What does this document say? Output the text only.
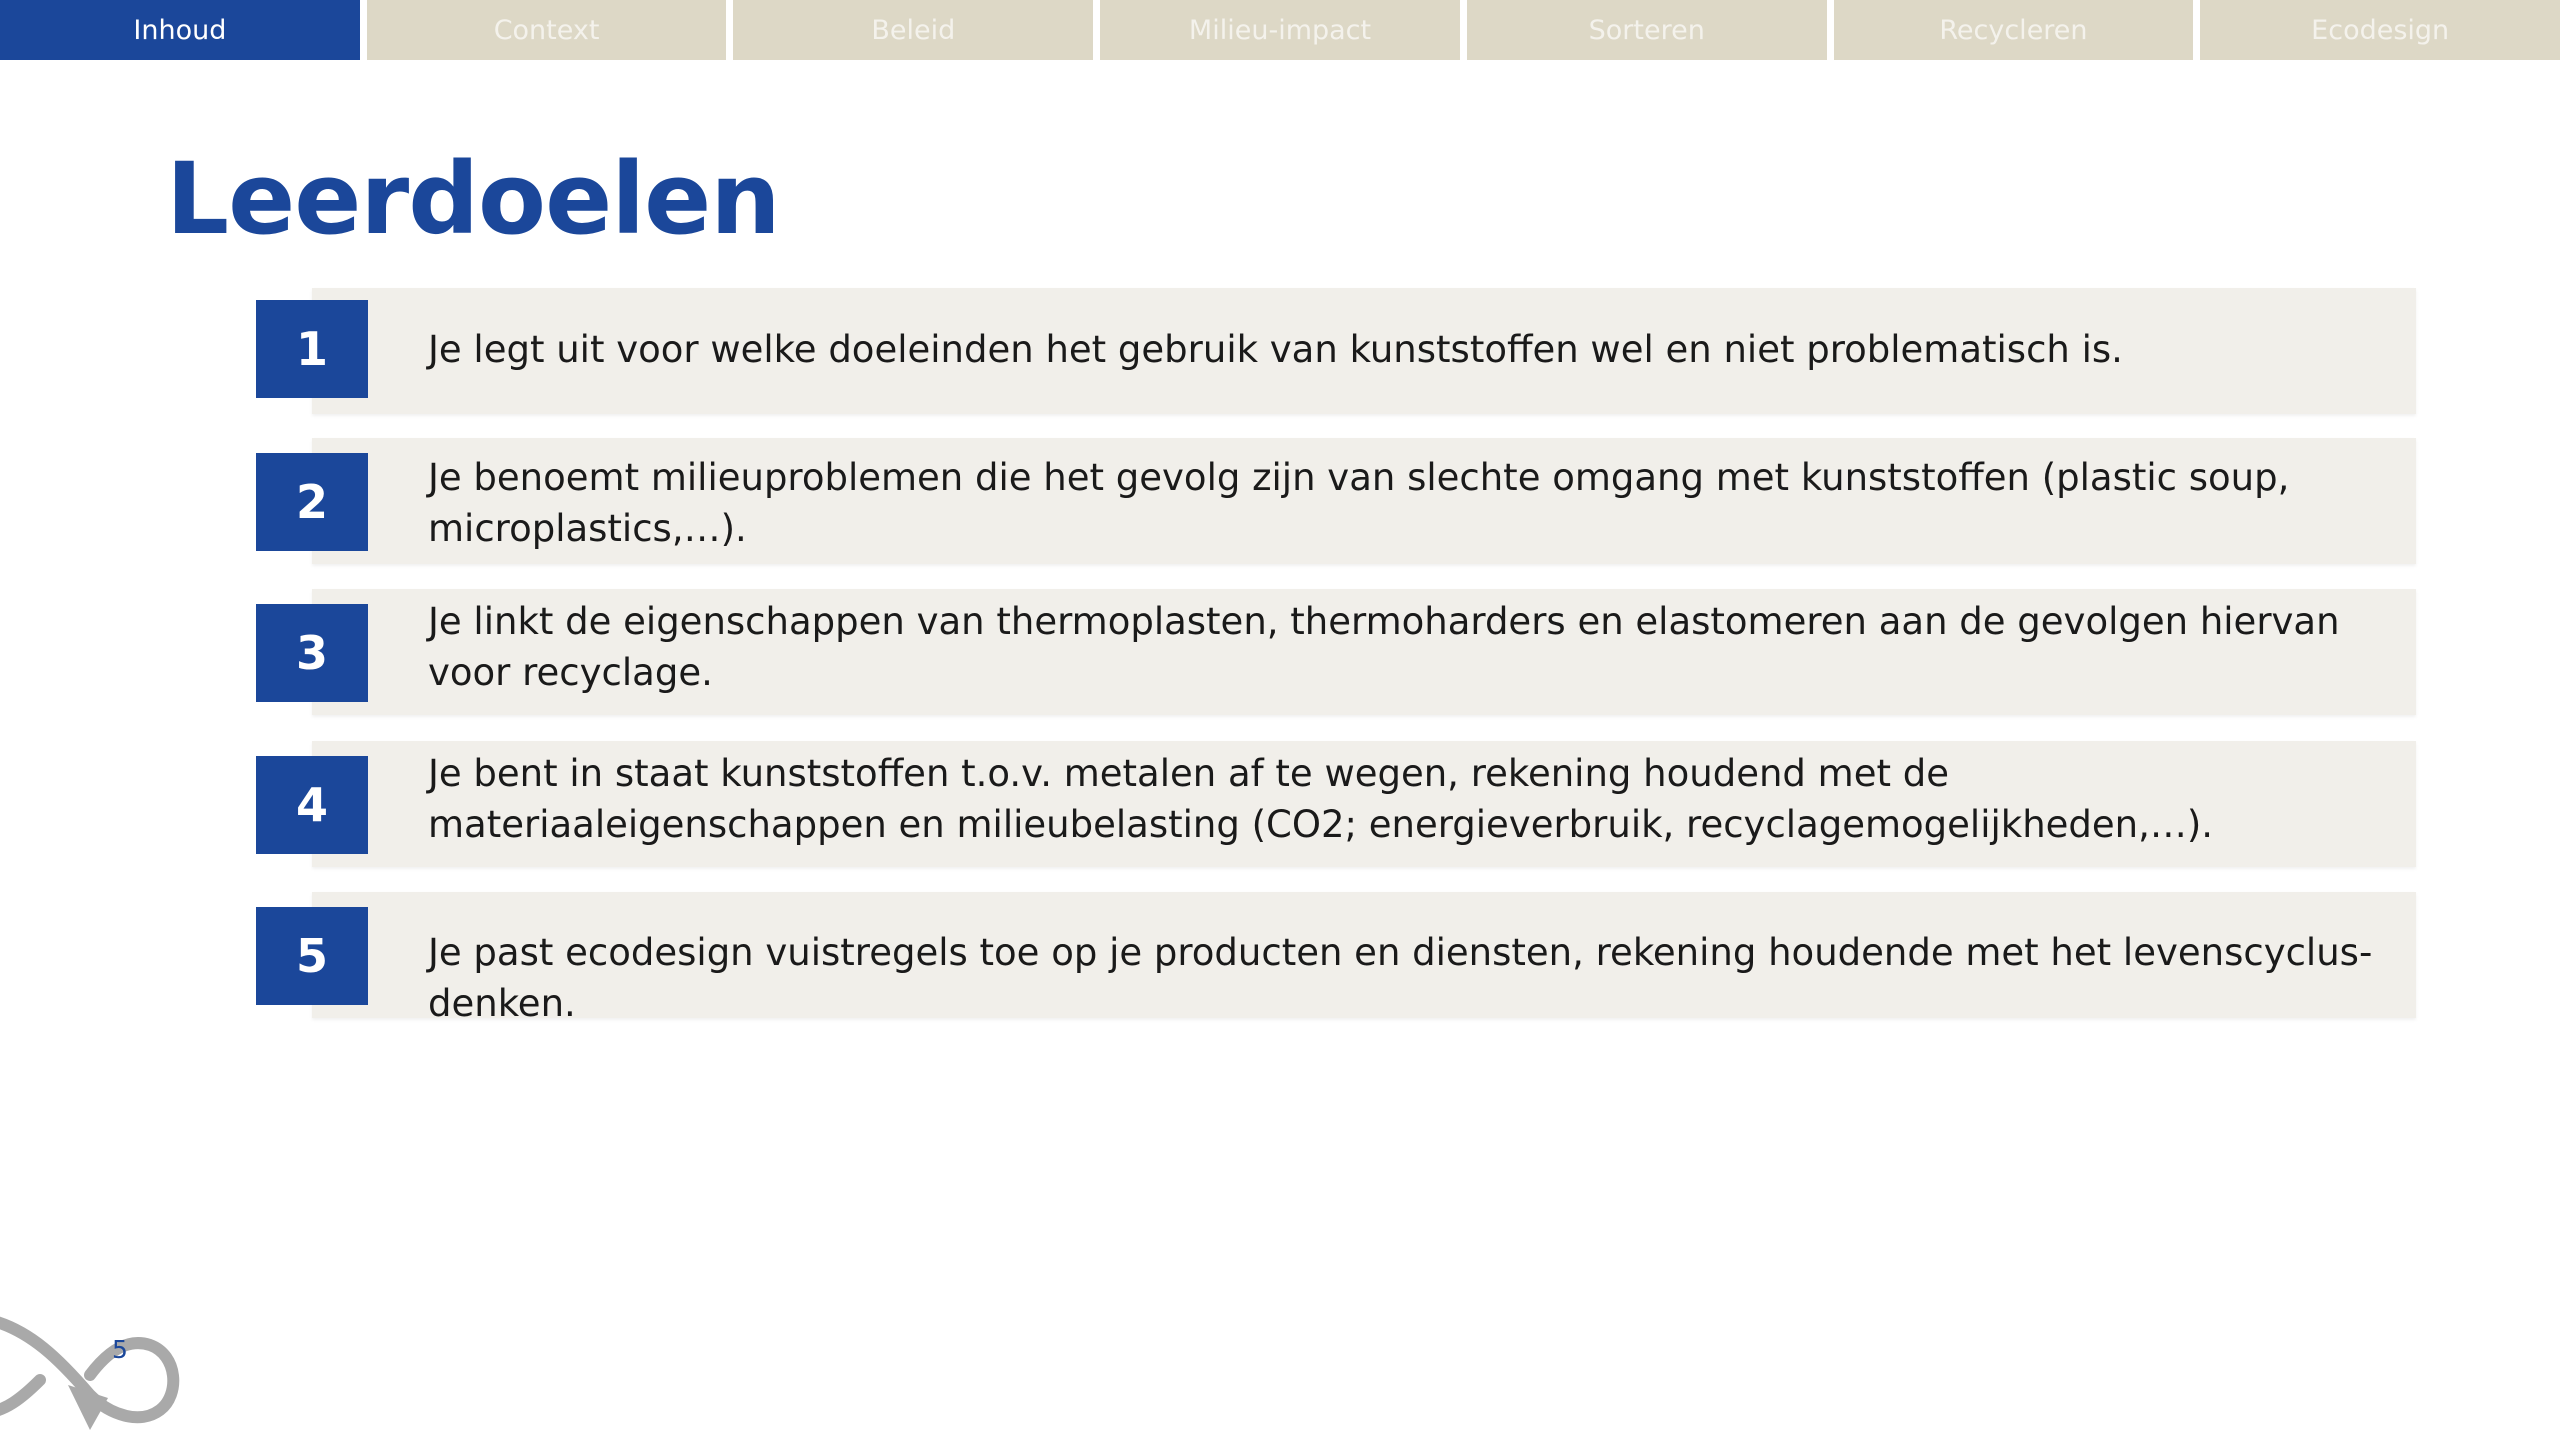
Inhoud	Context	Beleid	Milieu-impact	Sorteren	Recycleren	Ecodesign
Leerdoelen
1	Je legt uit voor welke doeleinden het gebruik van kunststoffen wel en niet problematisch is.
2	Je benoemt milieuproblemen die het gevolg zijn van slechte omgang met kunststoffen (plastic soup, microplastics,…).
3
Je linkt de eigenschappen van thermoplasten, thermoharders en elastomeren aan de gevolgen hiervan voor recyclage.
4
Je bent in staat kunststoffen t.o.v. metalen af te wegen, rekening houdend met de materiaaleigenschappen en milieubelasting (CO2; energieverbruik, recyclagemogelijkheden,…).
5	Je past ecodesign vuistregels toe op je producten en diensten, rekening houdende met het levenscyclus-denken.
5
